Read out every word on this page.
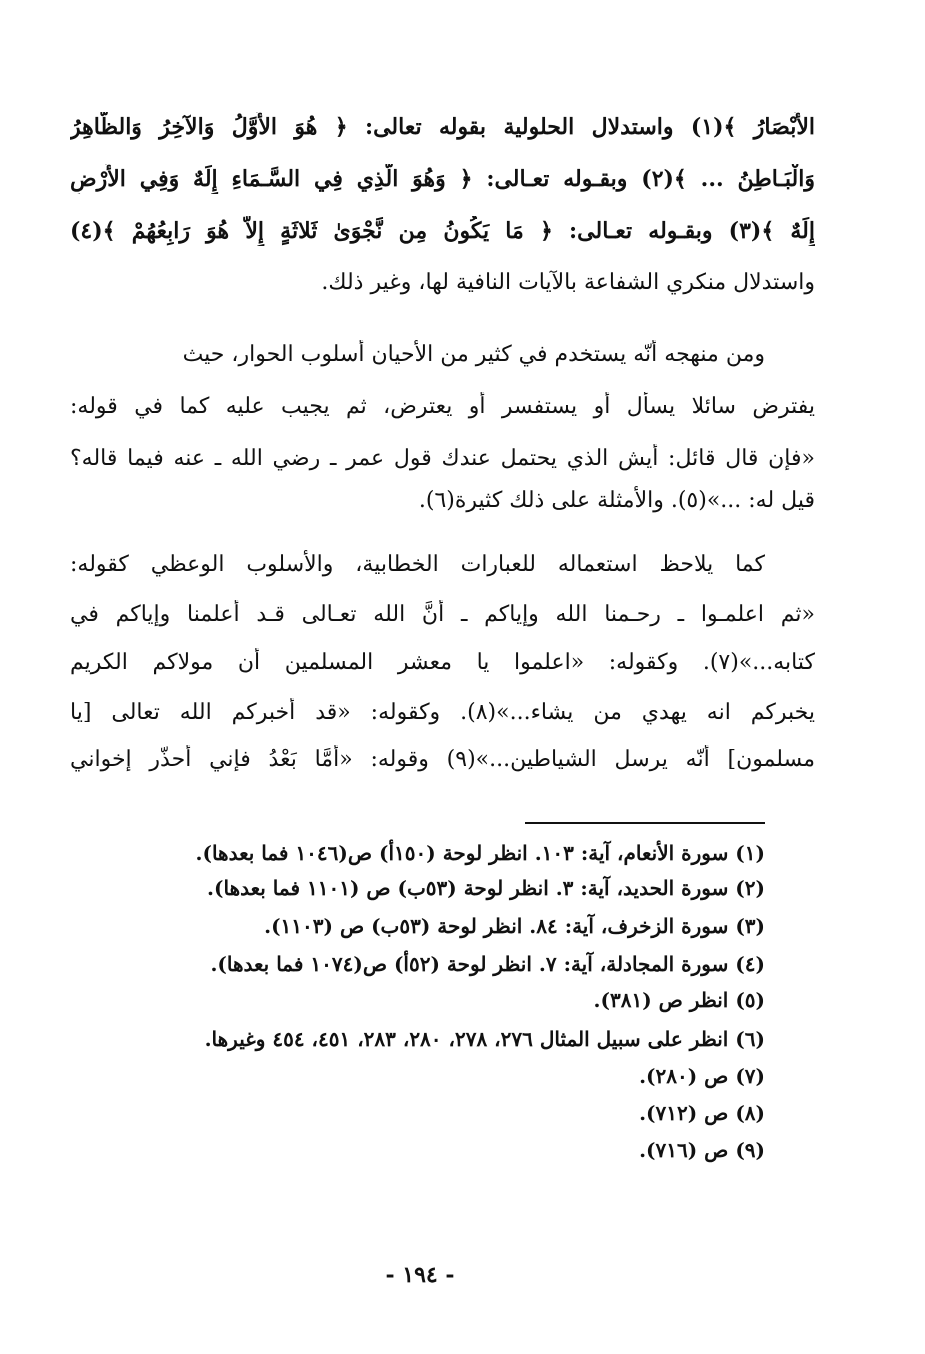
الأَبْصَارُ ﴾(١) واستدلال الحلولية بقوله تعالى: ﴿ هُوَ الأَوَّلُ وَالآخِرُ وَالظَّاهِرُ
وَالْبَـاطِنُ ... ﴾(٢) وبقـوله تعـالى: ﴿ وَهُوَ الَّذِي فِي السَّـمَاءِ إِلَهٌ وَفِي الأَرْضِ
إِلَهٌ ﴾(٣) وبقـوله تعـالى: ﴿ مَا يَكُونُ مِن نَّجْوَىٰ ثَلاثَةٍ إِلاَّ هُوَ رَابِعُهُمْ ﴾(٤)
واستدلال منكري الشفاعة بالآيات النافية لها، وغير ذلك.
ومن منهجه أنّه يستخدم في كثير من الأحيان أسلوب الحوار، حيث
يفترض سائلا يسأل أو يستفسر أو يعترض، ثم يجيب عليه كما في قوله:
«فإن قال قائل: أيش الذي يحتمل عندك قول عمر ـ رضي الله ـ عنه فيما قاله؟
قيل له: ...»(٥). والأمثلة على ذلك كثيرة(٦).
كما يلاحظ استعماله للعبارات الخطابية، والأسلوب الوعظي كقوله:
«ثم اعلمـوا ـ رحـمنا الله وإياكم ـ أنَّ الله تعـالى قـد أعلمنا وإياكم في
كتابه...»(٧). وكقوله: «اعلموا يا معشر المسلمين أن مولاكم الكريم
يخبركم انه يهدي من يشاء...»(٨). وكقوله: «قد أخبركم الله تعالى [يا
مسلمون] أنّه يرسل الشياطين...»(٩) وقوله: «أمَّا بَعْدُ فإني أحذّر إخواني
(١) سورة الأنعام، آية: ١٠٣. انظر لوحة (١٥٠أ) ص(١٠٤٦ فما بعدها).
(٢) سورة الحديد، آية: ٣. انظر لوحة (٥٣ب) ص (١١٠١ فما بعدها).
(٣) سورة الزخرف، آية: ٨٤. انظر لوحة (٥٣ب) ص (١١٠٣).
(٤) سورة المجادلة، آية: ٧. انظر لوحة (٥٢أ) ص(١٠٧٤ فما بعدها).
(٥) انظر ص (٣٨١).
(٦) انظر على سبيل المثال ٢٧٦، ٢٧٨، ٢٨٠، ٢٨٣، ٤٥١، ٤٥٤ وغيرها.
(٧) ص (٢٨٠).
(٨) ص (٧١٢).
(٩) ص (٧١٦).
- ١٩٤ -
